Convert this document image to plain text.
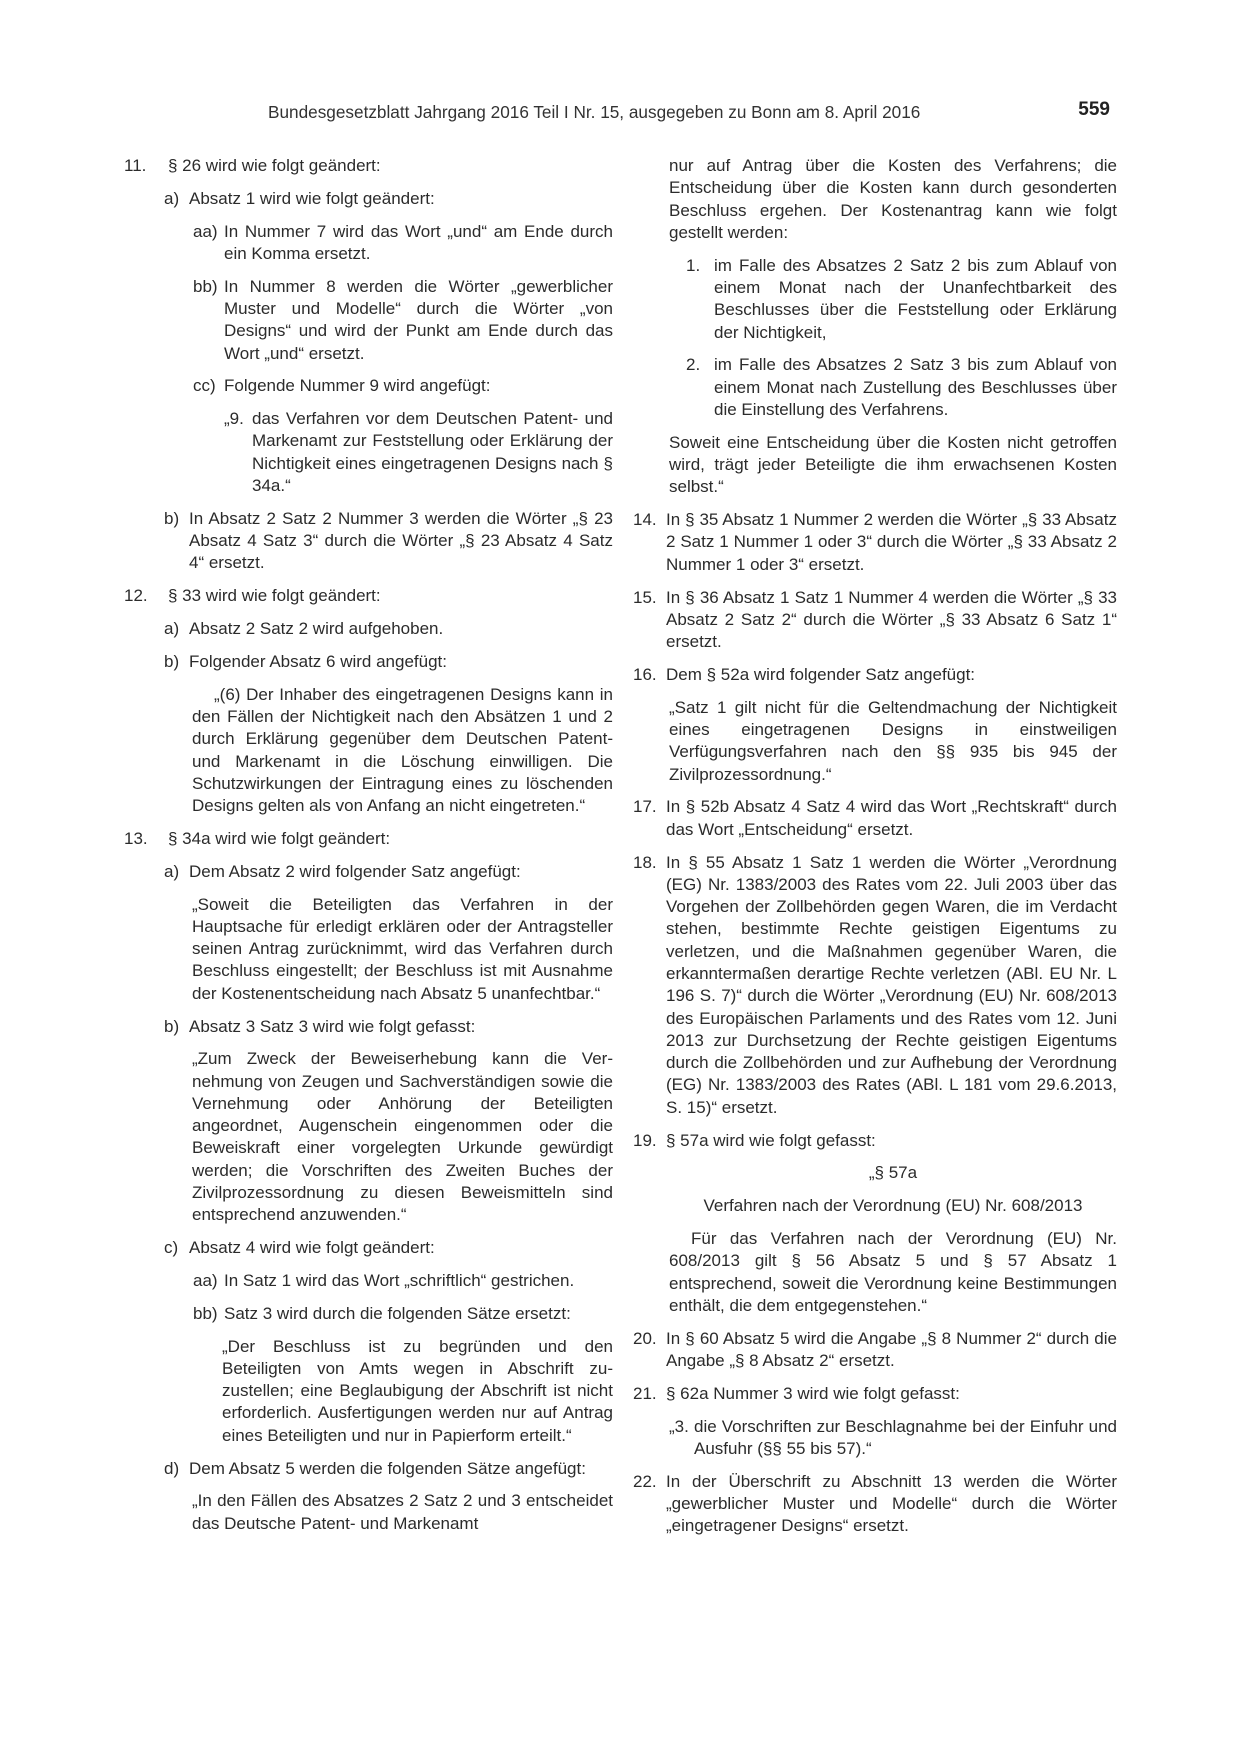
Bundesgesetzblatt Jahrgang 2016 Teil I Nr. 15, ausgegeben zu Bonn am 8. April 2016	559
11.	§ 26 wird wie folgt geändert:
a) Absatz 1 wird wie folgt geändert:
aa) In Nummer 7 wird das Wort „und“ am Ende durch ein Komma ersetzt.
bb) In Nummer 8 werden die Wörter „gewerblicher Muster und Modelle“ durch die Wörter „von Designs“ und wird der Punkt am Ende durch das Wort „und“ ersetzt.
cc) Folgende Nummer 9 wird angefügt:
„9. das Verfahren vor dem Deutschen Patent- und Markenamt zur Feststellung oder Erklärung der Nichtigkeit eines eingetragenen Designs nach § 34a.“
b) In Absatz 2 Satz 2 Nummer 3 werden die Wörter „§ 23 Absatz 4 Satz 3“ durch die Wörter „§ 23 Absatz 4 Satz 4“ ersetzt.
12.	§ 33 wird wie folgt geändert:
a) Absatz 2 Satz 2 wird aufgehoben.
b) Folgender Absatz 6 wird angefügt:
„(6) Der Inhaber des eingetragenen Designs kann in den Fällen der Nichtigkeit nach den Absätzen 1 und 2 durch Erklärung gegenüber dem Deutschen Patent- und Markenamt in die Löschung einwilligen. Die Schutzwirkungen der Eintragung eines zu löschenden Designs gelten als von Anfang an nicht eingetreten.“
13.	§ 34a wird wie folgt geändert:
a) Dem Absatz 2 wird folgender Satz angefügt:
„Soweit die Beteiligten das Verfahren in der Hauptsache für erledigt erklären oder der Antragsteller seinen Antrag zurücknimmt, wird das Verfahren durch Beschluss eingestellt; der Beschluss ist mit Ausnahme der Kostenentscheidung nach Absatz 5 unanfechtbar.“
b) Absatz 3 Satz 3 wird wie folgt gefasst:
„Zum Zweck der Beweiserhebung kann die Vernehmung von Zeugen und Sachverständigen sowie die Vernehmung oder Anhörung der Beteiligten angeordnet, Augenschein eingenommen oder die Beweiskraft einer vorgelegten Urkunde gewürdigt werden; die Vorschriften des Zweiten Buches der Zivilprozessordnung zu diesen Beweismitteln sind entsprechend anzuwenden.“
c) Absatz 4 wird wie folgt geändert:
aa) In Satz 1 wird das Wort „schriftlich“ gestrichen.
bb) Satz 3 wird durch die folgenden Sätze ersetzt:
„Der Beschluss ist zu begründen und den Beteiligten von Amts wegen in Abschrift zuzustellen; eine Beglaubigung der Abschrift ist nicht erforderlich. Ausfertigungen werden nur auf Antrag eines Beteiligten und nur in Papierform erteilt.“
d) Dem Absatz 5 werden die folgenden Sätze angefügt:
„In den Fällen des Absatzes 2 Satz 2 und 3 entscheidet das Deutsche Patent- und Markenamt
nur auf Antrag über die Kosten des Verfahrens; die Entscheidung über die Kosten kann durch gesonderten Beschluss ergehen. Der Kostenantrag kann wie folgt gestellt werden:
1. im Falle des Absatzes 2 Satz 2 bis zum Ablauf von einem Monat nach der Unanfechtbarkeit des Beschlusses über die Feststellung oder Erklärung der Nichtigkeit,
2. im Falle des Absatzes 2 Satz 3 bis zum Ablauf von einem Monat nach Zustellung des Beschlusses über die Einstellung des Verfahrens.
Soweit eine Entscheidung über die Kosten nicht getroffen wird, trägt jeder Beteiligte die ihm erwachsenen Kosten selbst.“
14. In § 35 Absatz 1 Nummer 2 werden die Wörter „§ 33 Absatz 2 Satz 1 Nummer 1 oder 3“ durch die Wörter „§ 33 Absatz 2 Nummer 1 oder 3“ ersetzt.
15. In § 36 Absatz 1 Satz 1 Nummer 4 werden die Wörter „§ 33 Absatz 2 Satz 2“ durch die Wörter „§ 33 Absatz 6 Satz 1“ ersetzt.
16. Dem § 52a wird folgender Satz angefügt:
„Satz 1 gilt nicht für die Geltendmachung der Nichtigkeit eines eingetragenen Designs in einstweiligen Verfügungsverfahren nach den §§ 935 bis 945 der Zivilprozessordnung.“
17. In § 52b Absatz 4 Satz 4 wird das Wort „Rechtskraft“ durch das Wort „Entscheidung“ ersetzt.
18. In § 55 Absatz 1 Satz 1 werden die Wörter „Verordnung (EG) Nr. 1383/2003 des Rates vom 22. Juli 2003 über das Vorgehen der Zollbehörden gegen Waren, die im Verdacht stehen, bestimmte Rechte geistigen Eigentums zu verletzen, und die Maßnahmen gegenüber Waren, die erkanntermaßen derartige Rechte verletzen (ABl. EU Nr. L 196 S. 7)“ durch die Wörter „Verordnung (EU) Nr. 608/2013 des Europäischen Parlaments und des Rates vom 12. Juni 2013 zur Durchsetzung der Rechte geistigen Eigentums durch die Zollbehörden und zur Aufhebung der Verordnung (EG) Nr. 1383/2003 des Rates (ABl. L 181 vom 29.6.2013, S. 15)“ ersetzt.
19. § 57a wird wie folgt gefasst:
„§ 57a
Verfahren nach der Verordnung (EU) Nr. 608/2013
Für das Verfahren nach der Verordnung (EU) Nr. 608/2013 gilt § 56 Absatz 5 und § 57 Absatz 1 entsprechend, soweit die Verordnung keine Bestimmungen enthält, die dem entgegenstehen.“
20. In § 60 Absatz 5 wird die Angabe „§ 8 Nummer 2“ durch die Angabe „§ 8 Absatz 2“ ersetzt.
21. § 62a Nummer 3 wird wie folgt gefasst:
„3. die Vorschriften zur Beschlagnahme bei der Einfuhr und Ausfuhr (§§ 55 bis 57).“
22. In der Überschrift zu Abschnitt 13 werden die Wörter „gewerblicher Muster und Modelle“ durch die Wörter „eingetragener Designs“ ersetzt.
